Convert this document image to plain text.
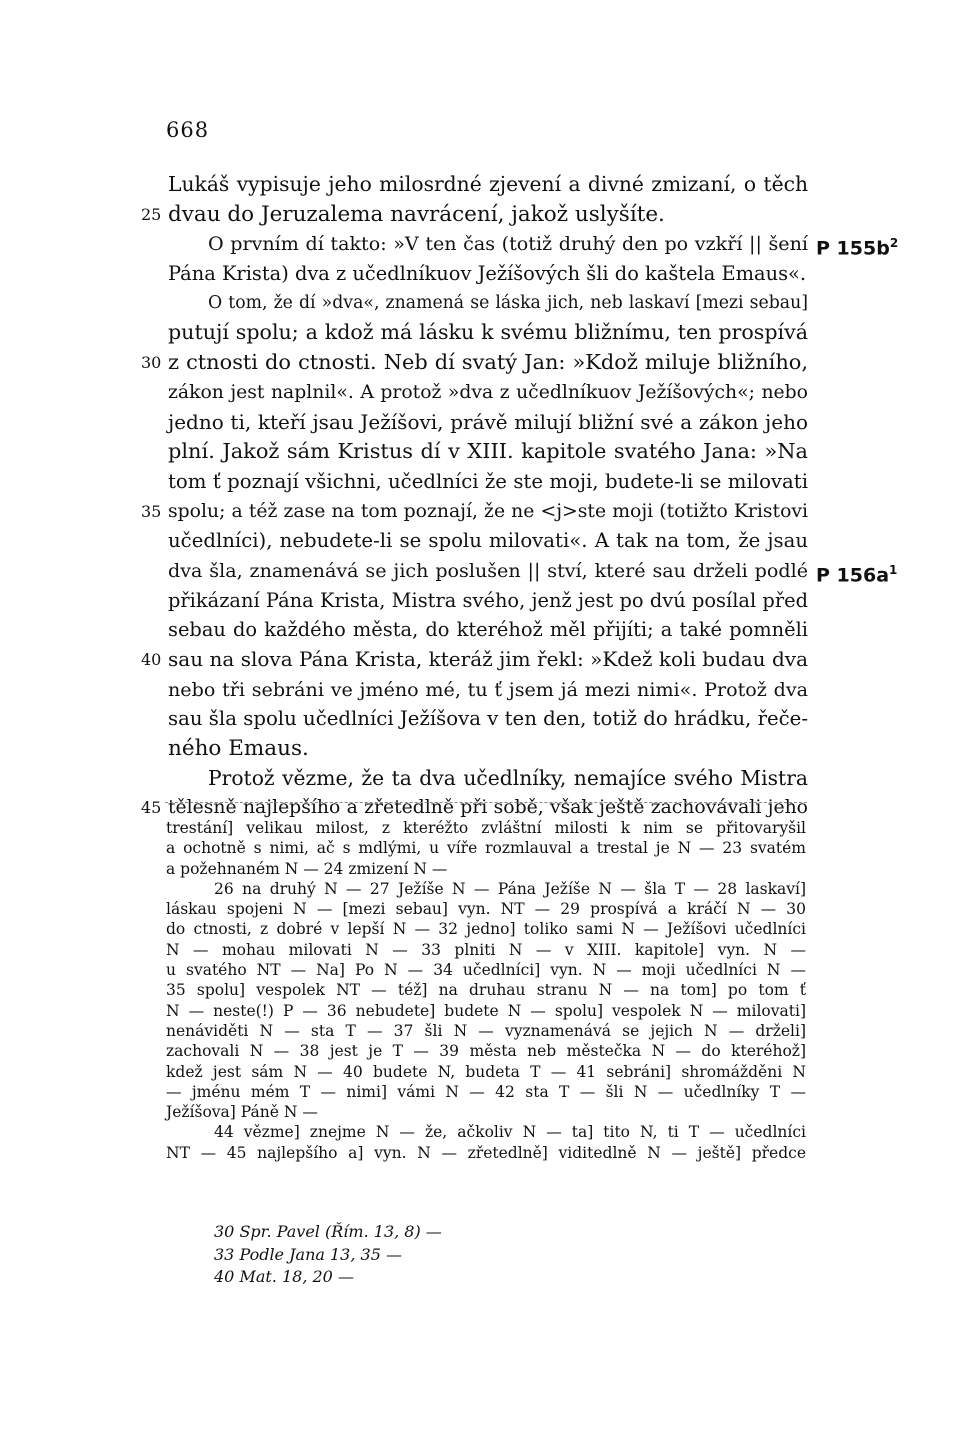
668
Lukáš vypisuje jeho milosrdné zjevení a divné zmizaní, o těch
25 dvau do Jeruzalema navrácení, jakož uslyšíte.
O prvním dí takto: »V ten čas (totiž druhý den po vzkří || šení P $155b^2$
Pána Krista) dva z učedlníkuov Ježíšových šli do kaštela Emaus«.
O tom, že dí »dva«, znamená se láska jich, neb laskaví [mezi sebau]
putují spolu; a kdož má lásku k svému bližnímu, ten prospívá
30 z ctnosti do ctnosti. Neb dí svatý Jan: »Kdož miluje bližního,
zákon jest naplnil«. A protož »dva z učedlníkuov Ježíšových«; nebo
jedno ti, kteří jsau Ježíšovi, právě milují bližní své a zákon jeho
plní. Jakož sám Kristus dí v XIII. kapitole svatého Jana: »Na
tom ť poznají všichni, učedlníci že ste moji, budete-li se milovati
35 spolu; a též zase na tom poznají, že ne <j>ste moji (totižto Kristovi
učedlníci), nebudete-li se spolu milovati«. A tak na tom, že jsau
dva šla, znamenává se jich poslušen || ství, které sau drželi podlé P $156a^1$
přikázaní Pána Krista, Mistra svého, jenž jest po dvú posílal před
sebau do každého města, do kteréhož měl přijíti; a také pomněli
40 sau na slova Pána Krista, kteráž jim řekl: »Kdež koli budau dva
nebo tři sebráni ve jméno mé, tu ť jsem já mezi nimi«. Protož dva
sau šla spolu učedlníci Ježíšova v ten den, totiž do hrádku, řeče-
ného Emaus.
Protož vězme, že ta dva učedlníky, nemajíce svého Mistra
45 tělesně najlepšího a zřetedlně při sobě, však ještě zachovávali jeho
trestání] velikau milost, z kteréžto zvláštní milosti k nim se přitovaryšil
a ochotně s nimi, ač s mdlými, u víře rozmlauval a trestal je N — 23 svatém
a požehnaném N — 24 zmizení N —
26 na druhý N — 27 Ježíše N — Pána Ježíše N — šla T — 28 laskaví]
láskau spojeni N — [mezi sebau] vyn. NT — 29 prospívá a kráčí N — 30
do ctnosti, z dobré v lepší N — 32 jedno] toliko sami N — Ježíšovi učedlníci
N — mohau milovati N — 33 plniti N — v XIII. kapitole] vyn. N —
u svatého NT — Na] Po N — 34 učedlníci] vyn. N — moji učedlníci N —
35 spolu] vespolek NT — též] na druhau stranu N — na tom] po tom ť
N — neste(!) P — 36 nebudete] budete N — spolu] vespolek N — milovati]
nenáviděti N — sta T — 37 šli N — vyznamenává se jejich N — drželi]
zachovali N — 38 jest je T — 39 města neb městečka N — do kteréhož]
kdež jest sám N — 40 budete N, budeta T — 41 sebráni] shromážděni N
— jménu mém T — nimi] vámi N — 42 sta T — šli N — učedlníky T —
Ježíšova] Páně N —
44 vězme] znejme N — že, ačkoliv N — ta] tito N, ti T — učedlníci
NT — 45 najlepšího a] vyn. N — zřetedlně] viditedlně N — ještě] předce
30 Spr. Pavel (Řím. 13, 8) —
33 Podle Jana 13, 35 —
40 Mat. 18, 20 —
